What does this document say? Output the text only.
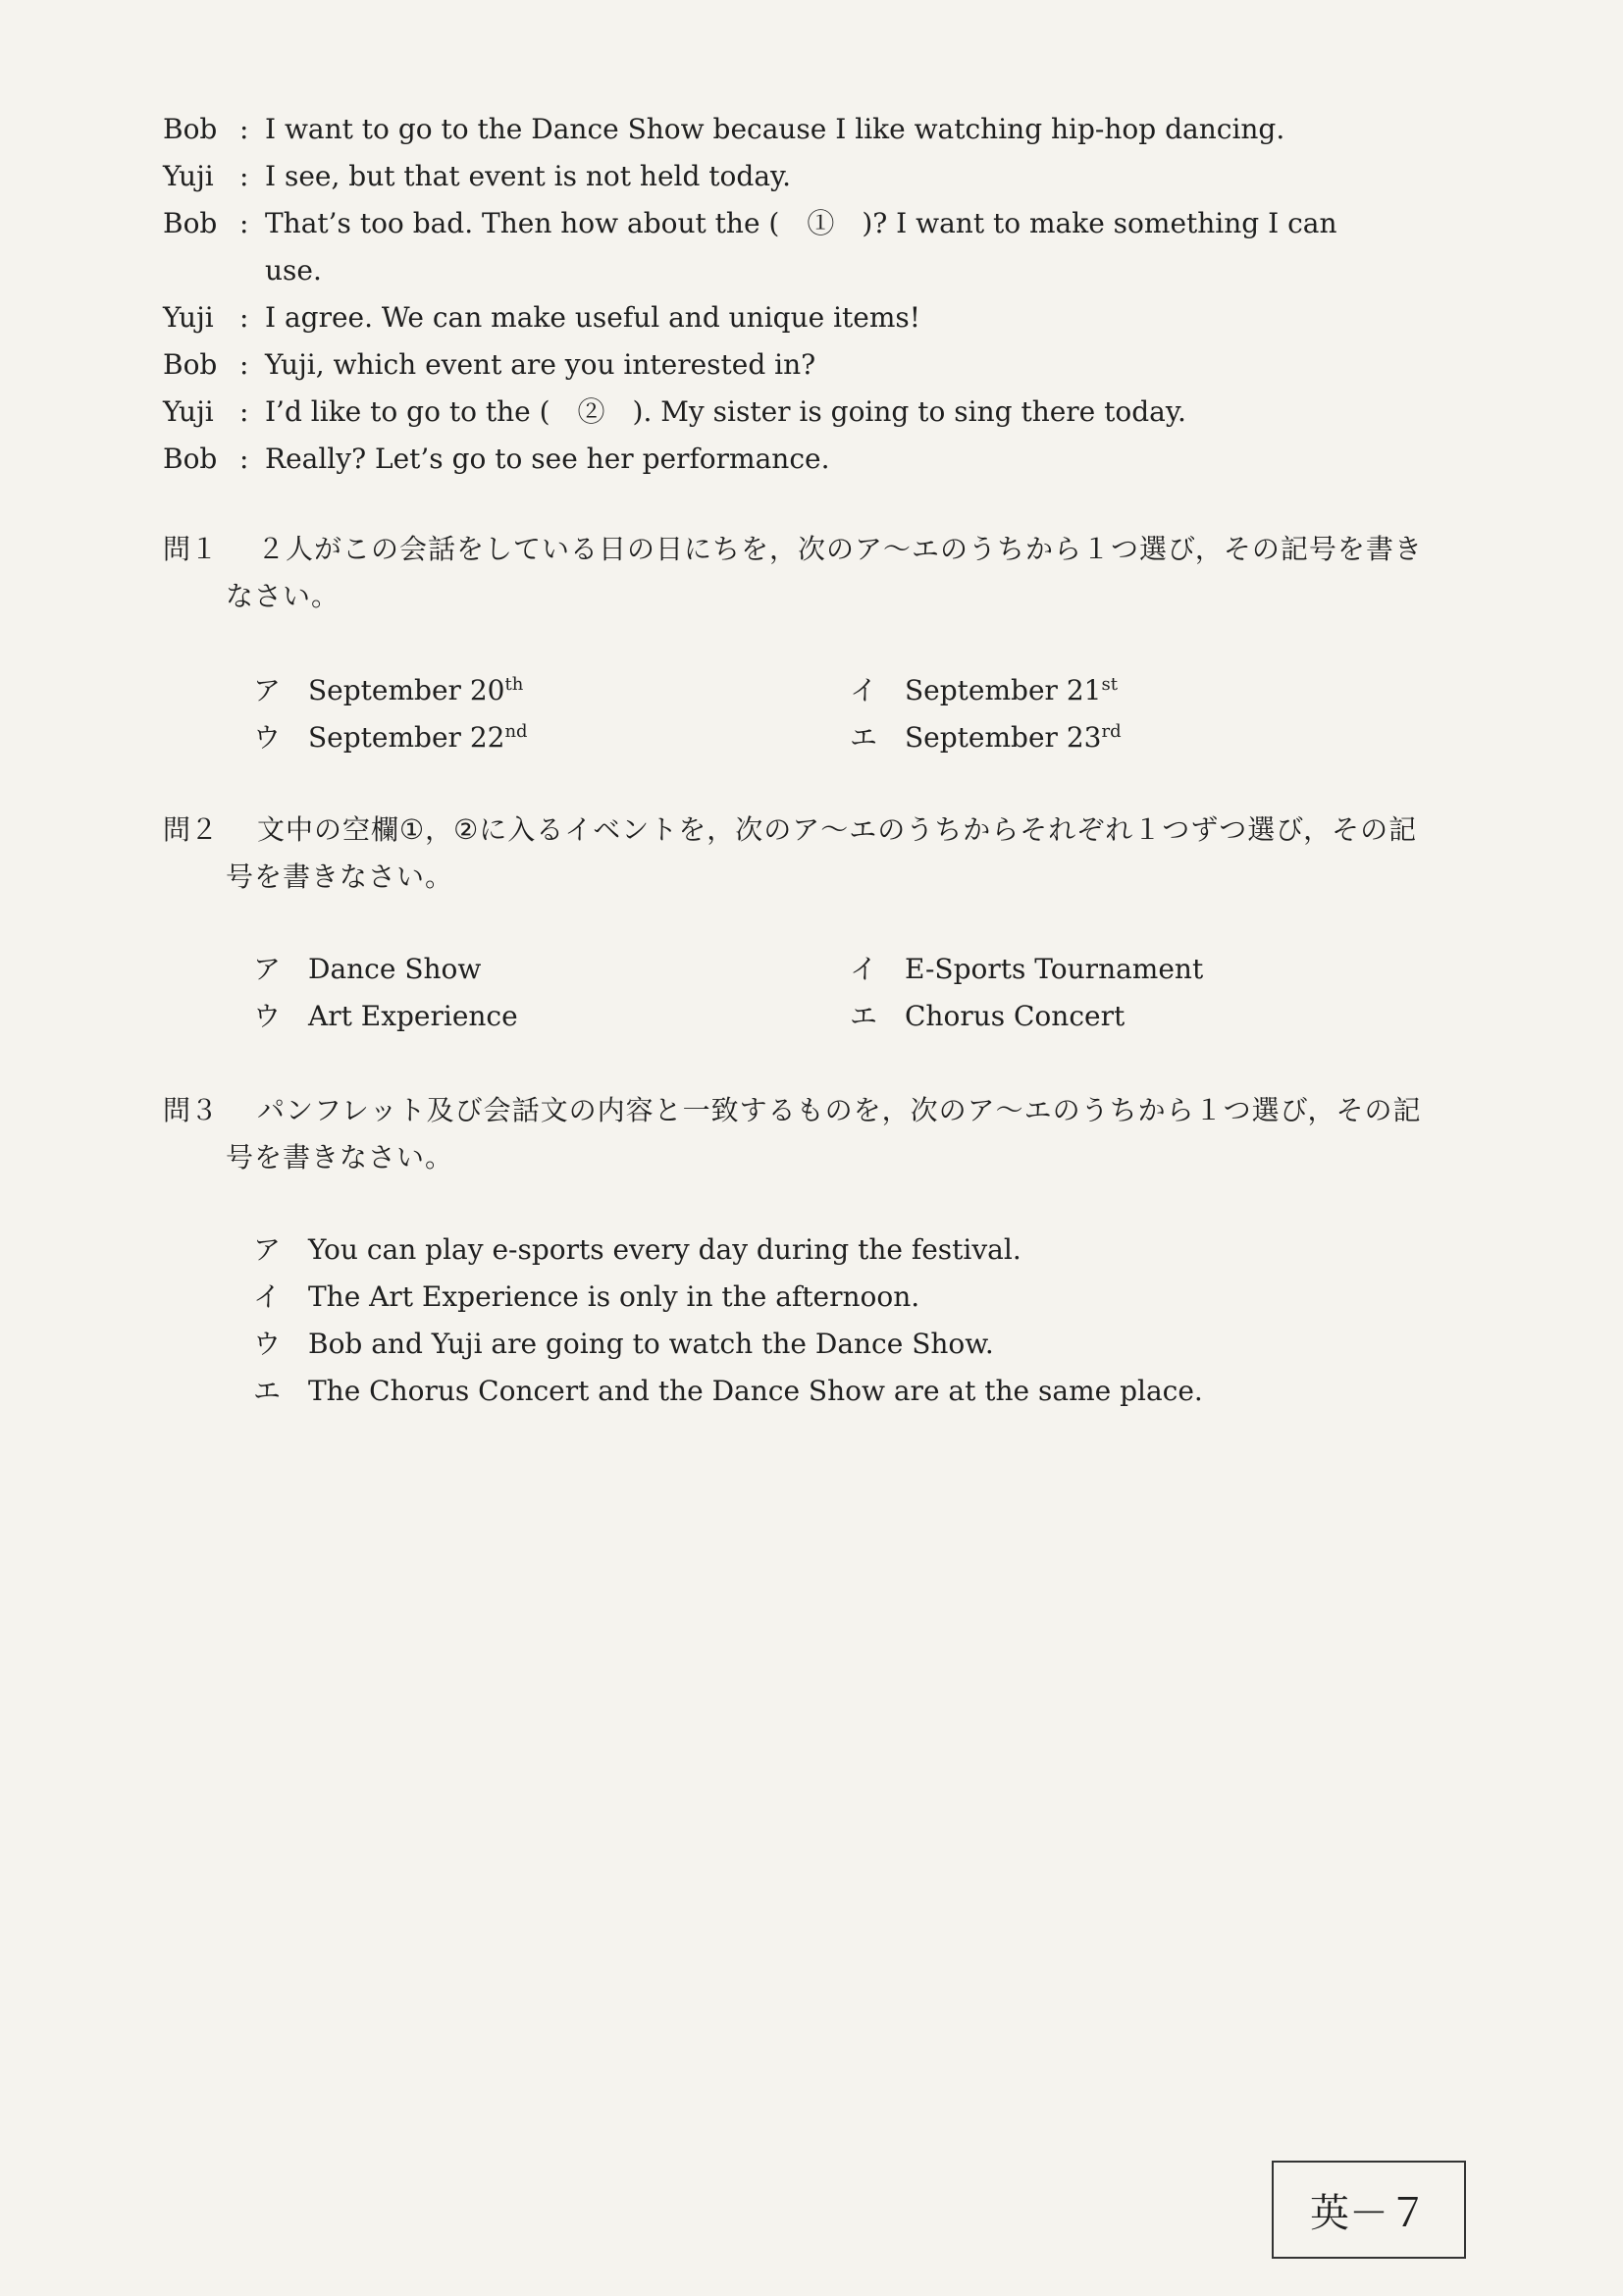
Bob : I want to go to the Dance Show because I like watching hip-hop dancing.
Yuji : I see, but that event is not held today.
Bob : That’s too bad. Then how about the (　①　)? I want to make something I can
use.
Yuji : I agree. We can make useful and unique items!
Bob : Yuji, which event are you interested in?
Yuji : I’d like to go to the (　②　). My sister is going to sing there today.
Bob : Really? Let’s go to see her performance.
問１ ２人がこの会話をしている日の日にちを，次のア～エのうちから１つ選び，その記号を書き
なさい。
ア September 20th	イ September 21st
ウ September 22nd	エ September 23rd
問２ 文中の空欄①，②に入るイベントを，次のア～エのうちからそれぞれ１つずつ選び，その記
号を書きなさい。
ア Dance Show	イ E-Sports Tournament
ウ Art Experience	エ Chorus Concert
問３ パンフレット及び会話文の内容と一致するものを，次のア～エのうちから１つ選び，その記
号を書きなさい。
ア You can play e-sports every day during the festival.
イ The Art Experience is only in the afternoon.
ウ Bob and Yuji are going to watch the Dance Show.
エ The Chorus Concert and the Dance Show are at the same place.
英－７
